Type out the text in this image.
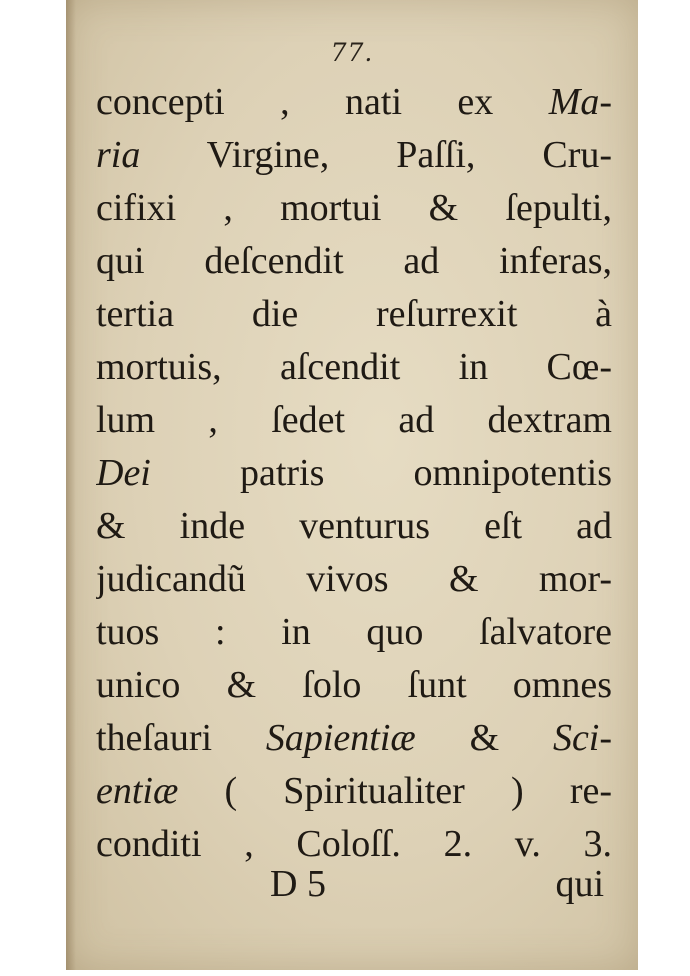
77.
concepti , nati ex Ma-
ria Virgine, Paſſi, Cru-
cifixi , mortui & ſepulti,
qui deſcendit ad inferas,
tertia die reſurrexit à
mortuis, aſcendit in Cœ-
lum , ſedet ad dextram
Dei patris omnipotentis
& inde venturus eſt ad
judicandũ vivos & mor-
tuos : in quo ſalvatore
unico & ſolo ſunt omnes
theſauri Sapientiæ & Sci-
entiæ ( Spiritualiter ) re-
conditi , Coloſſ. 2. v. 3.
D 5	qui
